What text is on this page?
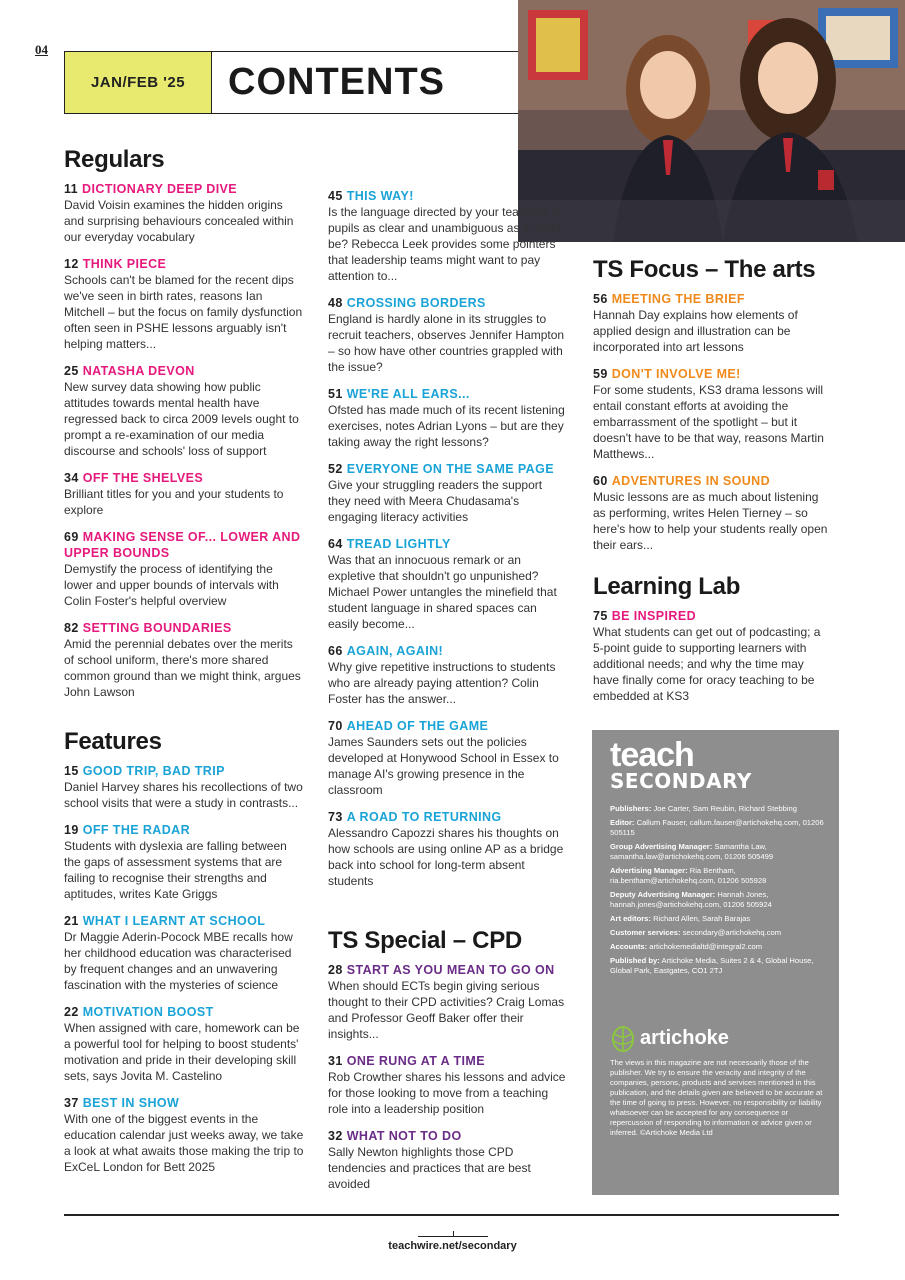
04
JAN/FEB '25	CONTENTS
Regulars
11 DICTIONARY DEEP DIVE
David Voisin examines the hidden origins and surprising behaviours concealed within our everyday vocabulary
12 THINK PIECE
Schools can't be blamed for the recent dips we've seen in birth rates, reasons Ian Mitchell – but the focus on family dysfunction often seen in PSHE lessons arguably isn't helping matters...
25 NATASHA DEVON
New survey data showing how public attitudes towards mental health have regressed back to circa 2009 levels ought to prompt a re-examination of our media discourse and schools' loss of support
34 OFF THE SHELVES
Brilliant titles for you and your students to explore
69 MAKING SENSE OF... LOWER AND UPPER BOUNDS
Demystify the process of identifying the lower and upper bounds of intervals with Colin Foster's helpful overview
82 SETTING BOUNDARIES
Amid the perennial debates over the merits of school uniform, there's more shared common ground than we might think, argues John Lawson
Features
15 GOOD TRIP, BAD TRIP
Daniel Harvey shares his recollections of two school visits that were a study in contrasts...
19 OFF THE RADAR
Students with dyslexia are falling between the gaps of assessment systems that are failing to recognise their strengths and aptitudes, writes Kate Griggs
21 WHAT I LEARNT AT SCHOOL
Dr Maggie Aderin-Pocock MBE recalls how her childhood education was characterised by frequent changes and an unwavering fascination with the mysteries of science
22 MOTIVATION BOOST
When assigned with care, homework can be a powerful tool for helping to boost students' motivation and pride in their developing skill sets, says Jovita M. Castelino
37 BEST IN SHOW
With one of the biggest events in the education calendar just weeks away, we take a look at what awaits those making the trip to ExCeL London for Bett 2025
45 THIS WAY!
Is the language directed by your teachers at pupils as clear and unambiguous as it could be? Rebecca Leek provides some pointers that leadership teams might want to pay attention to...
48 CROSSING BORDERS
England is hardly alone in its struggles to recruit teachers, observes Jennifer Hampton – so how have other countries grappled with the issue?
51 WE'RE ALL EARS...
Ofsted has made much of its recent listening exercises, notes Adrian Lyons – but are they taking away the right lessons?
52 EVERYONE ON THE SAME PAGE
Give your struggling readers the support they need with Meera Chudasama's engaging literacy activities
64 TREAD LIGHTLY
Was that an innocuous remark or an expletive that shouldn't go unpunished? Michael Power untangles the minefield that student language in shared spaces can easily become...
66 AGAIN, AGAIN!
Why give repetitive instructions to students who are already paying attention? Colin Foster has the answer...
70 AHEAD OF THE GAME
James Saunders sets out the policies developed at Honywood School in Essex to manage AI's growing presence in the classroom
73 A ROAD TO RETURNING
Alessandro Capozzi shares his thoughts on how schools are using online AP as a bridge back into school for long-term absent students
TS Special – CPD
28 START AS YOU MEAN TO GO ON
When should ECTs begin giving serious thought to their CPD activities? Craig Lomas and Professor Geoff Baker offer their insights...
31 ONE RUNG AT A TIME
Rob Crowther shares his lessons and advice for those looking to move from a teaching role into a leadership position
32 WHAT NOT TO DO
Sally Newton highlights those CPD tendencies and practices that are best avoided
TS Focus – The arts
56 MEETING THE BRIEF
Hannah Day explains how elements of applied design and illustration can be incorporated into art lessons
59 DON'T INVOLVE ME!
For some students, KS3 drama lessons will entail constant efforts at avoiding the embarrassment of the spotlight – but it doesn't have to be that way, reasons Martin Matthews...
60 ADVENTURES IN SOUND
Music lessons are as much about listening as performing, writes Helen Tierney – so here's how to help your students really open their ears...
Learning Lab
75 BE INSPIRED
What students can get out of podcasting; a 5-point guide to supporting learners with additional needs; and why the time may have finally come for oracy teaching to be embedded at KS3
teach
SECONDARY
Publishers: Joe Carter, Sam Reubin, Richard Stebbing
Editor: Callum Fauser, callum.fauser@artichokehq.com, 01206 505115
Group Advertising Manager: Samantha Law, samantha.law@artichokehq.com, 01206 505499
Advertising Manager: Ria Bentham, ria.bentham@artichokehq.com, 01206 505928
Deputy Advertising Manager: Hannah Jones, hannah.jones@artichokehq.com, 01206 505924
Art editors: Richard Allen, Sarah Barajas
Customer services: secondary@artichokehq.com
Accounts: artichokemedialtd@integral2.com
Published by: Artichoke Media, Suites 2 & 4, Global House, Global Park, Eastgates, CO1 2TJ
artichoke
The views in this magazine are not necessarily those of the publisher. We try to ensure the veracity and integrity of the companies, persons, products and services mentioned in this publication, and the details given are believed to be accurate at the time of going to press. However, no responsibility or liability whatsoever can be accepted for any consequence or repercussion of responding to information or advice given or inferred. ©Artichoke Media Ltd
teachwire.net/secondary
